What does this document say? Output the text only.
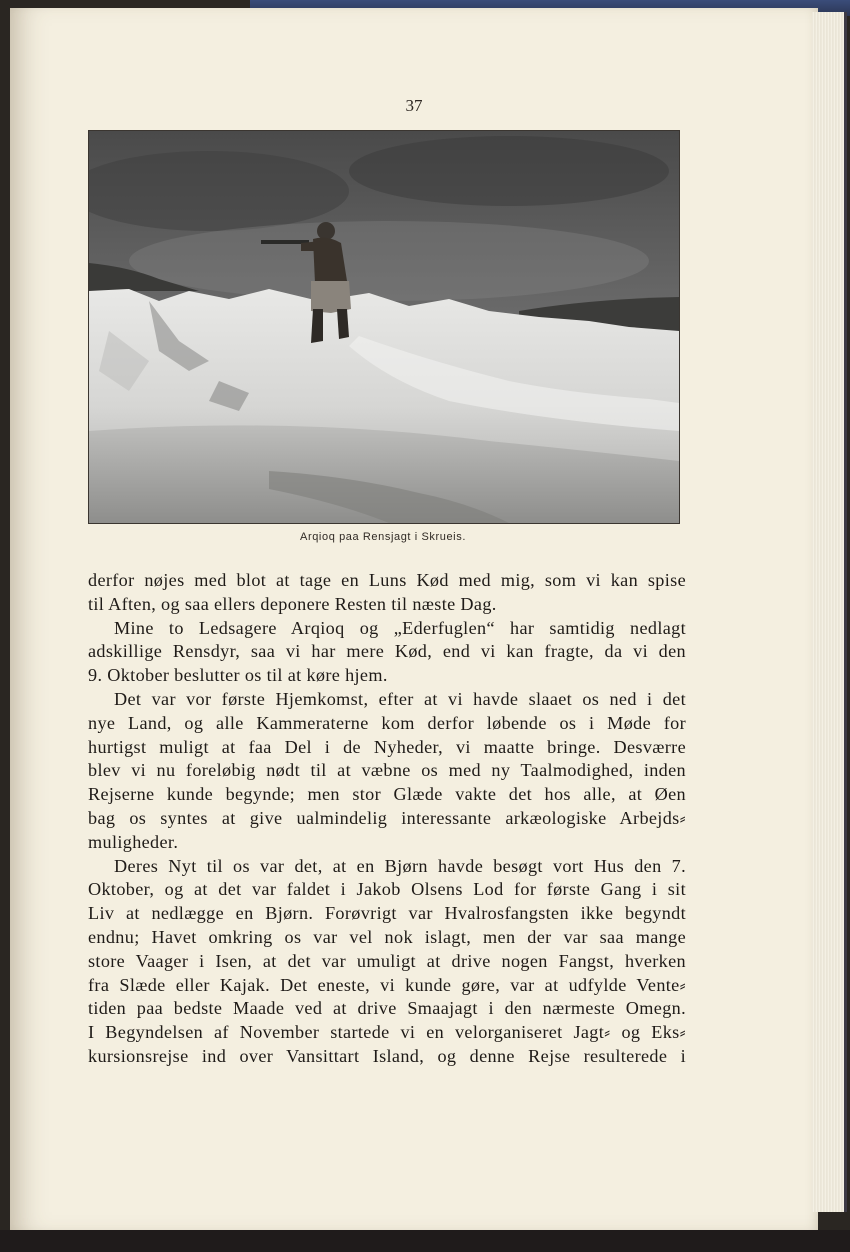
37
Arqioq paa Rensjagt i Skrueis.
derfor nøjes med blot at tage en Luns Kød med mig, som vi kan spise
til Aften, og saa ellers deponere Resten til næste Dag.
Mine to Ledsagere Arqioq og „Ederfuglen“ har samtidig nedlagt
adskillige Rensdyr, saa vi har mere Kød, end vi kan fragte, da vi den
9. Oktober beslutter os til at køre hjem.
Det var vor første Hjemkomst, efter at vi havde slaaet os ned i det
nye Land, og alle Kammeraterne kom derfor løbende os i Møde for
hurtigst muligt at faa Del i de Nyheder, vi maatte bringe. Desværre
blev vi nu foreløbig nødt til at væbne os med ny Taalmodighed, inden
Rejserne kunde begynde; men stor Glæde vakte det hos alle, at Øen
bag os syntes at give ualmindelig interessante arkæologiske Arbejds⸗
muligheder.
Deres Nyt til os var det, at en Bjørn havde besøgt vort Hus den 7.
Oktober, og at det var faldet i Jakob Olsens Lod for første Gang i sit
Liv at nedlægge en Bjørn. Forøvrigt var Hvalrosfangsten ikke begyndt
endnu; Havet omkring os var vel nok islagt, men der var saa mange
store Vaager i Isen, at det var umuligt at drive nogen Fangst, hverken
fra Slæde eller Kajak. Det eneste, vi kunde gøre, var at udfylde Vente⸗
tiden paa bedste Maade ved at drive Smaajagt i den nærmeste Omegn.
I Begyndelsen af November startede vi en velorganiseret Jagt⸗ og Eks⸗
kursionsrejse ind over Vansittart Island, og denne Rejse resulterede i
